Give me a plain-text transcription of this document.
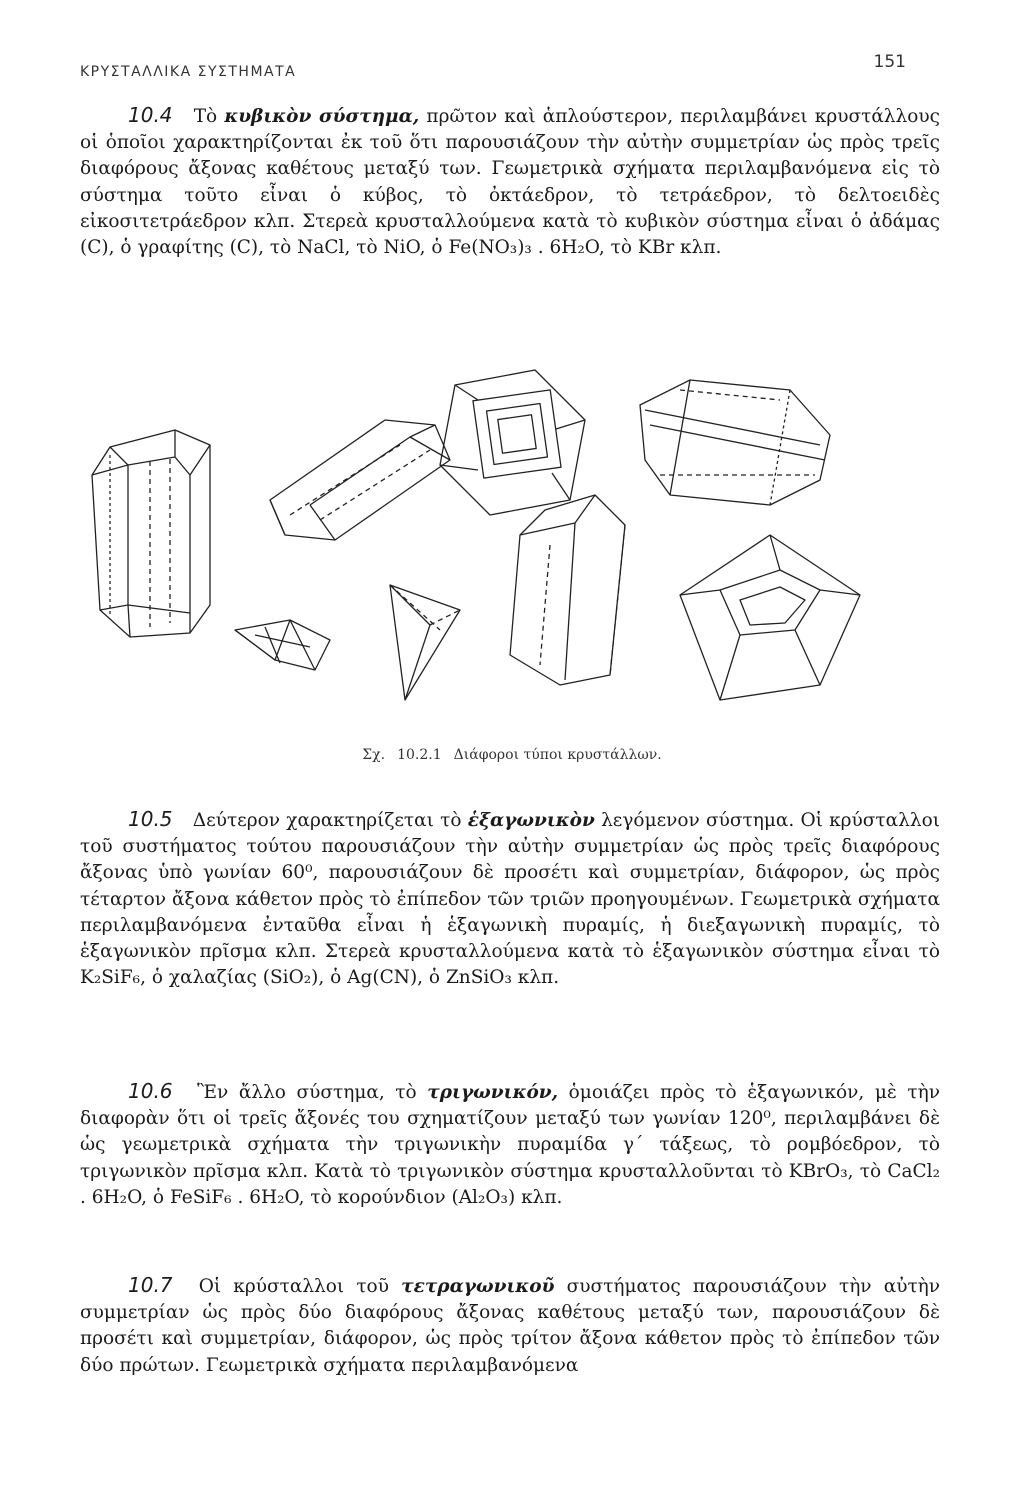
ΚΡΥΣΤΑΛΛΙΚΑ ΣΥΣΤΗΜΑΤΑ	151
10.4 Τὸ κυβικὸν σύστημα, πρῶτον καὶ ἁπλούστερον, περιλαμβάνει κρυστάλλους οἱ ὁποῖοι χαρακτηρίζονται ἐκ τοῦ ὅτι παρουσιάζουν τὴν αὐτὴν συμμετρίαν ὡς πρὸς τρεῖς διαφόρους ἄξονας καθέτους μεταξύ των. Γεωμετρικὰ σχήματα περιλαμβανόμενα εἰς τὸ σύστημα τοῦτο εἶναι ὁ κύβος, τὸ ὀκτάεδρον, τὸ τετράεδρον, τὸ δελτοειδὲς εἰκοσιτετράεδρον κλπ. Στερεὰ κρυσταλλούμενα κατὰ τὸ κυβικὸν σύστημα εἶναι ὁ ἀδάμας (C), ὁ γραφίτης (C), τὸ NaCl, τὸ NiO, ὁ Fe(NO₃)₃ . 6H₂O, τὸ KBr κλπ.
Σχ. 10.2.1 Διάφοροι τύποι κρυστάλλων.
10.5 Δεύτερον χαρακτηρίζεται τὸ ἑξαγωνικὸν λεγόμενον σύστημα. Οἱ κρύσταλλοι τοῦ συστήματος τούτου παρουσιάζουν τὴν αὐτὴν συμμετρίαν ὡς πρὸς τρεῖς διαφόρους ἄξονας ὑπὸ γωνίαν 60⁰, παρουσιάζουν δὲ προσέτι καὶ συμμετρίαν, διάφορον, ὡς πρὸς τέταρτον ἄξονα κάθετον πρὸς τὸ ἐπίπεδον τῶν τριῶν προηγουμένων. Γεωμετρικὰ σχήματα περιλαμβανόμενα ἐνταῦθα εἶναι ἡ ἑξαγωνικὴ πυραμίς, ἡ διεξαγωνικὴ πυραμίς, τὸ ἑξαγωνικὸν πρῖσμα κλπ. Στερεὰ κρυσταλλούμενα κατὰ τὸ ἑξαγωνικὸν σύστημα εἶναι τὸ K₂SiF₆, ὁ χαλαζίας (SiO₂), ὁ Ag(CN), ὁ ZnSiO₃ κλπ.
10.6 Ἓν ἄλλο σύστημα, τὸ τριγωνικόν, ὁμοιάζει πρὸς τὸ ἑξαγωνικόν, μὲ τὴν διαφορὰν ὅτι οἱ τρεῖς ἄξονές του σχηματίζουν μεταξύ των γωνίαν 120⁰, περιλαμβάνει δὲ ὡς γεωμετρικὰ σχήματα τὴν τριγωνικὴν πυραμίδα γ΄ τάξεως, τὸ ρομβόεδρον, τὸ τριγωνικὸν πρῖσμα κλπ. Κατὰ τὸ τριγωνικὸν σύστημα κρυσταλλοῦνται τὸ KBrO₃, τὸ CaCl₂ . 6H₂O, ὁ FeSiF₆ . 6H₂O, τὸ κορούνδιον (Al₂O₃) κλπ.
10.7 Οἱ κρύσταλλοι τοῦ τετραγωνικοῦ συστήματος παρουσιάζουν τὴν αὐτὴν συμμετρίαν ὡς πρὸς δύο διαφόρους ἄξονας καθέτους μεταξύ των, παρουσιάζουν δὲ προσέτι καὶ συμμετρίαν, διάφορον, ὡς πρὸς τρίτον ἄξονα κάθετον πρὸς τὸ ἐπίπεδον τῶν δύο πρώτων. Γεωμετρικὰ σχήματα περιλαμβανόμενα
